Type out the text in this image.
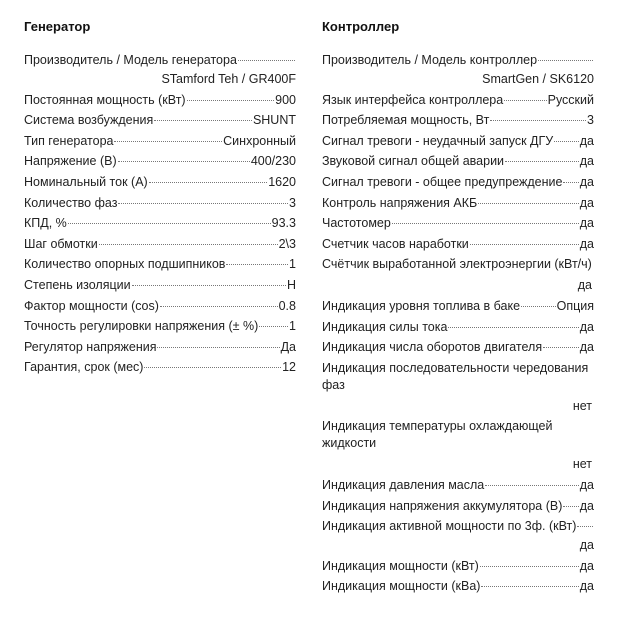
Генератор
Производитель / Модель генератора
STamford Teh / GR400F
Постоянная мощность (кВт)	900
Система возбуждения	SHUNT
Тип генератора	Синхронный
Напряжение (В)	400/230
Номинальный ток (А)	1620
Количество фаз	3
КПД, %	93.3
Шаг обмотки	2\3
Количество опорных подшипников	1
Степень изоляции	H
Фактор мощности (cos)	0.8
Точность регулировки напряжения (± %) 1
Регулятор напряжения	Да
Гарантия, срок (мес)	12
Контроллер
Производитель / Модель контроллер
SmartGen / SK6120
Язык интерфейса контроллера	Русский
Потребляемая мощность, Вт	3
Сигнал тревоги - неудачный запуск ДГУ да
Звуковой сигнал общей аварии	да
Сигнал тревоги - общее предупреждение да
Контроль напряжения АКБ	да
Частотомер	да
Счетчик часов наработки	да
Счётчик выработанной электроэнергии (кВт/ч)
да
Индикация уровня топлива в баке	Опция
Индикация силы тока	да
Индикация числа оборотов двигателя	да
Индикация последовательности чередования фаз
нет
Индикация температуры охлаждающей жидкости
нет
Индикация давления масла	да
Индикация напряжения аккумулятора (В) да
Индикация активной мощности по 3ф. (кВт)
да
Индикация мощности (кВт)	да
Индикация мощности (кВа)	да
